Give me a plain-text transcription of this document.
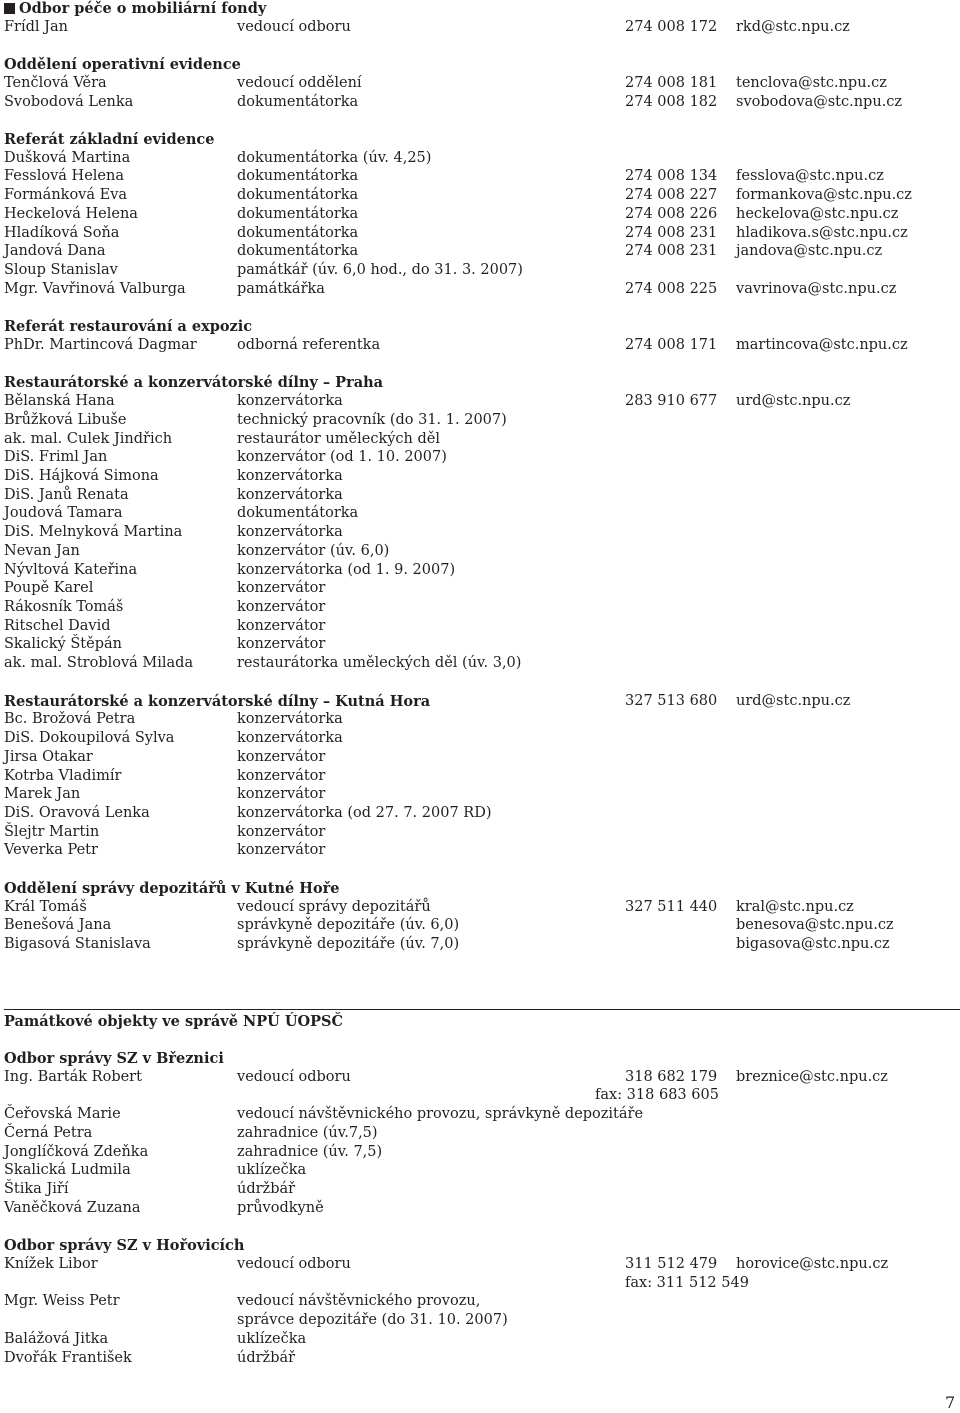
Odbor péče o mobiliární fondy
Frídl Jan	vedoucí odboru	274 008 172 rkd@stc.npu.cz
Oddělení operativní evidence
Tenčlová Věra	vedoucí oddělení	274 008 181 tenclova@stc.npu.cz
Svobodová Lenka	dokumentátorka	274 008 182 svobodova@stc.npu.cz
Referát základní evidence
Dušková Martina	dokumentátorka (úv. 4,25)
Fesslová Helena	dokumentátorka	274 008 134 fesslova@stc.npu.cz
Formánková Eva	dokumentátorka	274 008 227 formankova@stc.npu.cz
Heckelová Helena	dokumentátorka	274 008 226 heckelova@stc.npu.cz
Hladíková Soňa	dokumentátorka	274 008 231 hladikova.s@stc.npu.cz
Jandová Dana	dokumentátorka	274 008 231 jandova@stc.npu.cz
Sloup Stanislav	památkář (úv. 6,0 hod., do 31. 3. 2007)
Mgr. Vavřinová Valburga	památkářka	274 008 225 vavrinova@stc.npu.cz
Referát restaurování a expozic
PhDr. Martincová Dagmar	odborná referentka	274 008 171 martincova@stc.npu.cz
Restaurátorské a konzervátorské dílny – Praha
Bělanská Hana	konzervátorka	283 910 677 urd@stc.npu.cz
Brůžková Libuše	technický pracovník (do 31. 1. 2007)
ak. mal. Culek Jindřich	restaurátor uměleckých děl
DiS. Friml Jan	konzervátor (od 1. 10. 2007)
DiS. Hájková Simona	konzervátorka
DiS. Janů Renata	konzervátorka
Joudová Tamara	dokumentátorka
DiS. Melnyková Martina	konzervátorka
Nevan Jan	konzervátor (úv. 6,0)
Nývltová Kateřina	konzervátorka (od 1. 9. 2007)
Poupě Karel	konzervátor
Rákosník Tomáš	konzervátor
Ritschel David	konzervátor
Skalický Štěpán	konzervátor
ak. mal. Stroblová Milada	restaurátorka uměleckých děl (úv. 3,0)
Restaurátorské a konzervátorské dílny – Kutná Hora	327 513 680 urd@stc.npu.cz
Bc. Brožová Petra	konzervátorka
DiS. Dokoupilová Sylva	konzervátorka
Jirsa Otakar	konzervátor
Kotrba Vladimír	konzervátor
Marek Jan	konzervátor
DiS. Oravová Lenka	konzervátorka (od 27. 7. 2007 RD)
Šlejtr Martin	konzervátor
Veverka Petr	konzervátor
Oddělení správy depozitářů v Kutné Hoře
Král Tomáš	vedoucí správy depozitářů	327 511 440 kral@stc.npu.cz
Benešová Jana	správkyně depozitáře (úv. 6,0)	benesova@stc.npu.cz
Bigasová Stanislava	správkyně depozitáře (úv. 7,0)	bigasova@stc.npu.cz
Památkové objekty ve správě NPÚ ÚOPSČ
Odbor správy SZ v Březnici
Ing. Barták Robert	vedoucí odboru	318 682 179 breznice@stc.npu.cz
fax: 318 683 605
Čeřovská Marie	vedoucí návštěvnického provozu, správkyně depozitáře
Černá Petra	zahradnice (úv.7,5)
Jonglíčková Zdeňka	zahradnice (úv. 7,5)
Skalická Ludmila	uklízečka
Štika Jiří	údržbář
Vaněčková Zuzana	průvodkyně
Odbor správy SZ v Hořovicích
Knížek Libor	vedoucí odboru	311 512 479 horovice@stc.npu.cz
fax: 311 512 549
Mgr. Weiss Petr	vedoucí návštěvnického provozu,
správce depozitáře (do 31. 10. 2007)
Balážová Jitka	uklízečka
Dvořák František	údržbář
7
